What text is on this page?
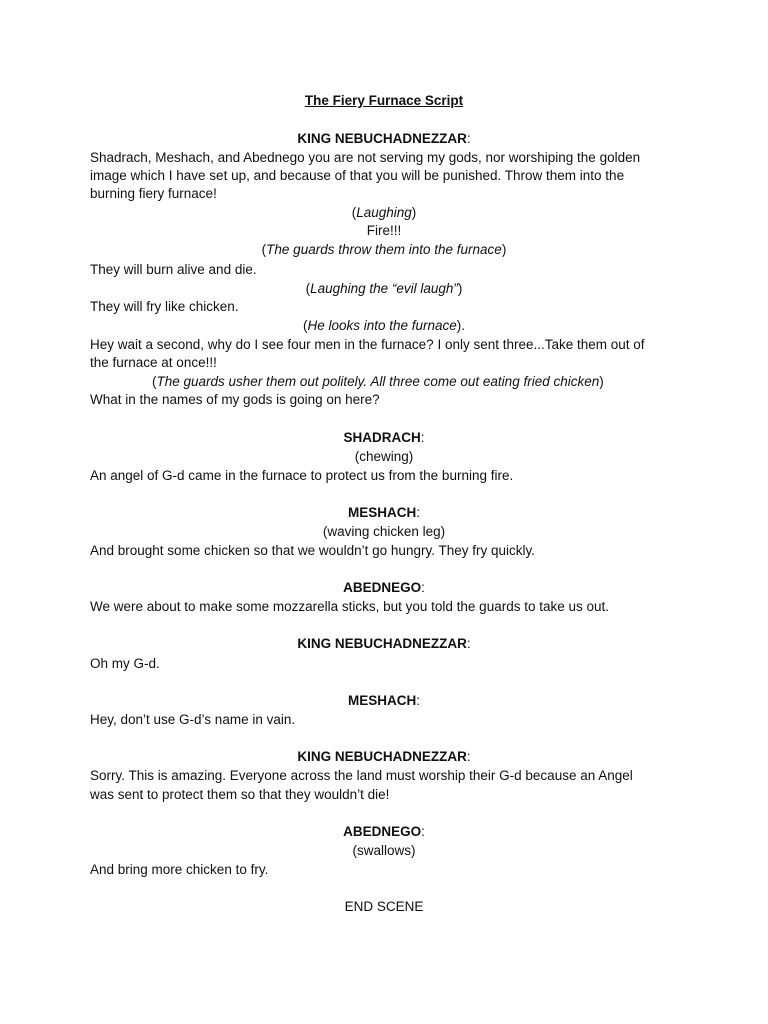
The Fiery Furnace Script

KING NEBUCHADNEZZAR:

Shadrach, Meshach, and Abednego you are not serving my gods, nor worshiping the golden

image which I have set up, and because of that you will be punished. Throw them into the

burning fiery furnace!

(Laughing)

Fire!!!

(The guards throw them into the furnace)

They will burn alive and die.

(Laughing the “evil laugh”)

They will fry like chicken.

(He looks into the furnace).

Hey wait a second, why do I see four men in the furnace? I only sent three...Take them out of

the furnace at once!!!

(The guards usher them out politely. All three come out eating fried chicken)

What in the names of my gods is going on here?

SHADRACH:

(chewing)

An angel of G-d came in the furnace to protect us from the burning fire.

MESHACH:

(waving chicken leg)

And brought some chicken so that we wouldn’t go hungry. They fry quickly.

ABEDNEGO:

We were about to make some mozzarella sticks, but you told the guards to take us out.

KING NEBUCHADNEZZAR:

Oh my G-d.

MESHACH:

Hey, don’t use G-d’s name in vain.

KING NEBUCHADNEZZAR:

Sorry. This is amazing. Everyone across the land must worship their G-d because an Angel

was sent to protect them so that they wouldn’t die!

ABEDNEGO:

(swallows)

And bring more chicken to fry.

END SCENE
